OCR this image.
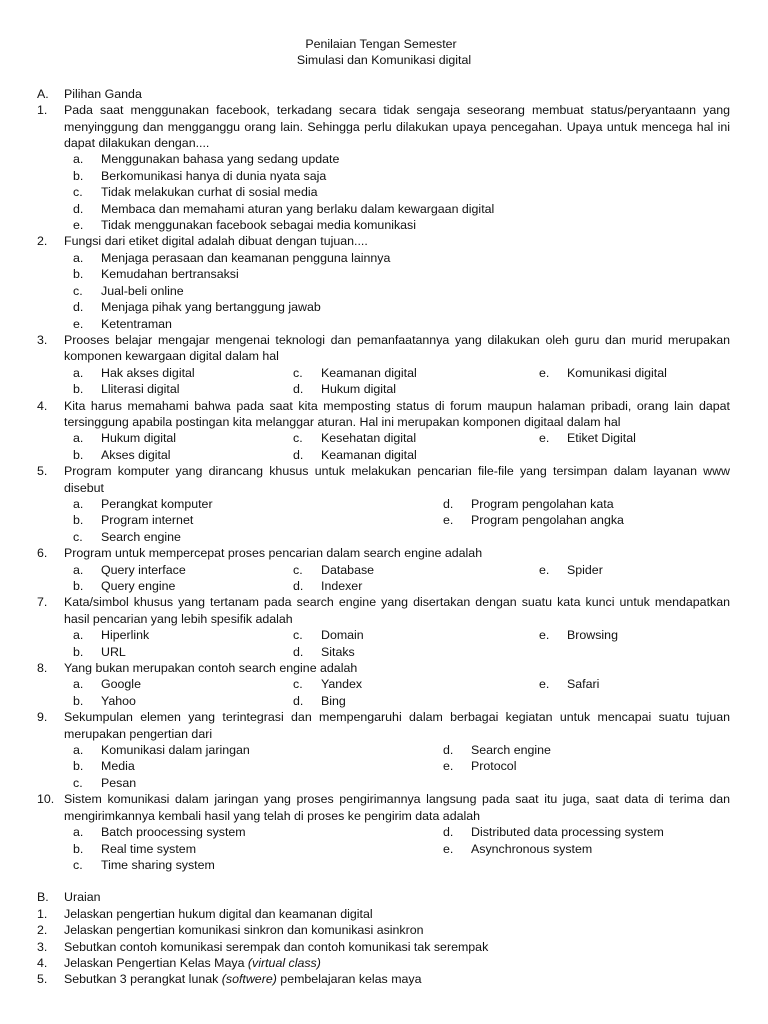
Penilaian Tengan Semester
Simulasi dan Komunikasi digital
A.	Pilihan Ganda
1.	Pada saat menggunakan facebook, terkadang secara tidak sengaja seseorang membuat status/peryantaann yang menyinggung dan mengganggu orang lain. Sehingga perlu dilakukan upaya pencegahan. Upaya untuk mencega hal ini dapat dilakukan dengan....
a.	Menggunakan bahasa yang sedang update
b.	Berkomunikasi hanya di dunia nyata saja
c.	Tidak melakukan curhat di sosial media
d.	Membaca dan memahami aturan yang berlaku dalam kewargaan digital
e.	Tidak menggunakan facebook sebagai media komunikasi
2.	Fungsi dari etiket digital adalah dibuat dengan tujuan....
a.	Menjaga perasaan dan keamanan pengguna lainnya
b.	Kemudahan bertransaksi
c.	Jual-beli online
d.	Menjaga pihak yang bertanggung jawab
e.	Ketentraman
3.	Prooses belajar mengajar mengenai teknologi dan pemanfaatannya yang dilakukan oleh guru dan murid merupakan komponen kewargaan digital dalam hal
a. Hak akses digital	c. Keamanan digital	e. Komunikasi digital
b. Lliterasi digital	d. Hukum digital
4.	Kita harus memahami bahwa pada saat kita memposting status di forum maupun halaman pribadi, orang lain dapat tersinggung apabila postingan kita melanggar aturan. Hal ini merupakan komponen digitaal dalam hal
a. Hukum digital	c. Kesehatan digital	e. Etiket Digital
b. Akses digital	d. Keamanan digital
5.	Program komputer yang dirancang khusus untuk melakukan pencarian file-file yang tersimpan dalam layanan www disebut
a. Perangkat komputer	d. Program pengolahan kata
b. Program internet	e. Program pengolahan angka
c. Search engine
6.	Program untuk mempercepat proses pencarian dalam search engine adalah
a. Query interface	c. Database	e. Spider
b. Query engine	d. Indexer
7.	Kata/simbol khusus yang tertanam pada search engine yang disertakan dengan suatu kata kunci untuk mendapatkan hasil pencarian yang lebih spesifik adalah
a. Hiperlink	c. Domain	e. Browsing
b. URL	d. Sitaks
8.	Yang bukan merupakan contoh search engine adalah
a. Google	c. Yandex	e. Safari
b. Yahoo	d. Bing
9.	Sekumpulan elemen yang terintegrasi dan mempengaruhi dalam berbagai kegiatan untuk mencapai suatu tujuan merupakan pengertian dari
a. Komunikasi dalam jaringan	d. Search engine
b. Media	e. Protocol
c. Pesan
10. Sistem komunikasi dalam jaringan yang proses pengirimannya langsung pada saat itu juga, saat data di terima dan mengirimkannya kembali hasil yang telah di proses ke pengirim data adalah
a. Batch proocessing system	d. Distributed data processing system
b. Real time system	e. Asynchronous system
c. Time sharing system
B.	Uraian
1.	Jelaskan pengertian hukum digital dan keamanan digital
2.	Jelaskan pengertian komunikasi sinkron dan komunikasi asinkron
3.	Sebutkan contoh komunikasi serempak dan contoh komunikasi tak serempak
4.	Jelaskan Pengertian Kelas Maya (virtual class)
5.	Sebutkan 3 perangkat lunak (softwere) pembelajaran kelas maya
